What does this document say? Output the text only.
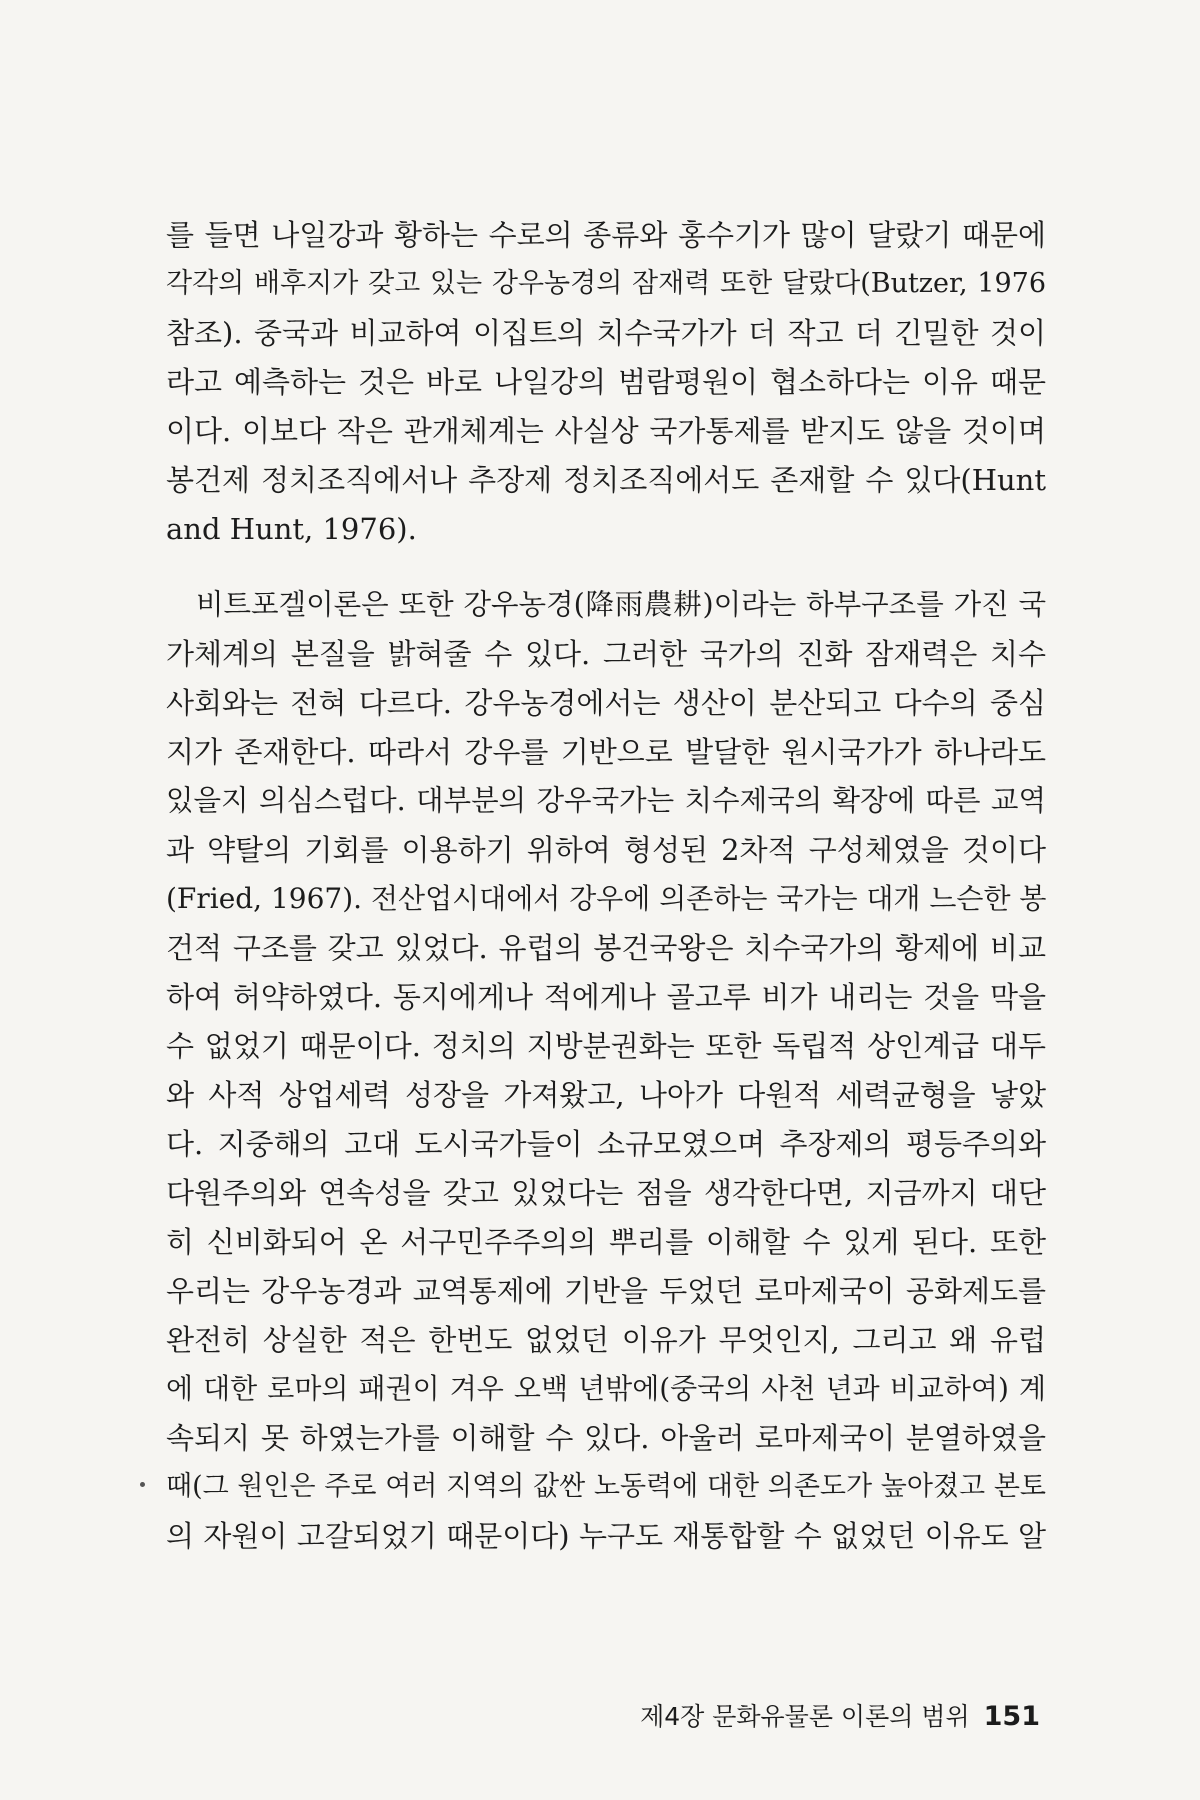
를 들면 나일강과 황하는 수로의 종류와 홍수기가 많이 달랐기 때문에
각각의 배후지가 갖고 있는 강우농경의 잠재력 또한 달랐다(Butzer, 1976
참조). 중국과 비교하여 이집트의 치수국가가 더 작고 더 긴밀한 것이
라고 예측하는 것은 바로 나일강의 범람평원이 협소하다는 이유 때문
이다. 이보다 작은 관개체계는 사실상 국가통제를 받지도 않을 것이며
봉건제 정치조직에서나 추장제 정치조직에서도 존재할 수 있다(Hunt
and Hunt, 1976).
비트포겔이론은 또한 강우농경(降雨農耕)이라는 하부구조를 가진 국
가체계의 본질을 밝혀줄 수 있다. 그러한 국가의 진화 잠재력은 치수
사회와는 전혀 다르다. 강우농경에서는 생산이 분산되고 다수의 중심
지가 존재한다. 따라서 강우를 기반으로 발달한 원시국가가 하나라도
있을지 의심스럽다. 대부분의 강우국가는 치수제국의 확장에 따른 교역
과 약탈의 기회를 이용하기 위하여 형성된 2차적 구성체였을 것이다
(Fried, 1967). 전산업시대에서 강우에 의존하는 국가는 대개 느슨한 봉
건적 구조를 갖고 있었다. 유럽의 봉건국왕은 치수국가의 황제에 비교
하여 허약하였다. 동지에게나 적에게나 골고루 비가 내리는 것을 막을
수 없었기 때문이다. 정치의 지방분권화는 또한 독립적 상인계급 대두
와 사적 상업세력 성장을 가져왔고, 나아가 다원적 세력균형을 낳았
다. 지중해의 고대 도시국가들이 소규모였으며 추장제의 평등주의와
다원주의와 연속성을 갖고 있었다는 점을 생각한다면, 지금까지 대단
히 신비화되어 온 서구민주주의의 뿌리를 이해할 수 있게 된다. 또한
우리는 강우농경과 교역통제에 기반을 두었던 로마제국이 공화제도를
완전히 상실한 적은 한번도 없었던 이유가 무엇인지, 그리고 왜 유럽
에 대한 로마의 패권이 겨우 오백 년밖에(중국의 사천 년과 비교하여) 계
속되지 못 하였는가를 이해할 수 있다. 아울러 로마제국이 분열하였을
때(그 원인은 주로 여러 지역의 값싼 노동력에 대한 의존도가 높아졌고 본토
의 자원이 고갈되었기 때문이다) 누구도 재통합할 수 없었던 이유도 알
제4장 문화유물론 이론의 범위 151
